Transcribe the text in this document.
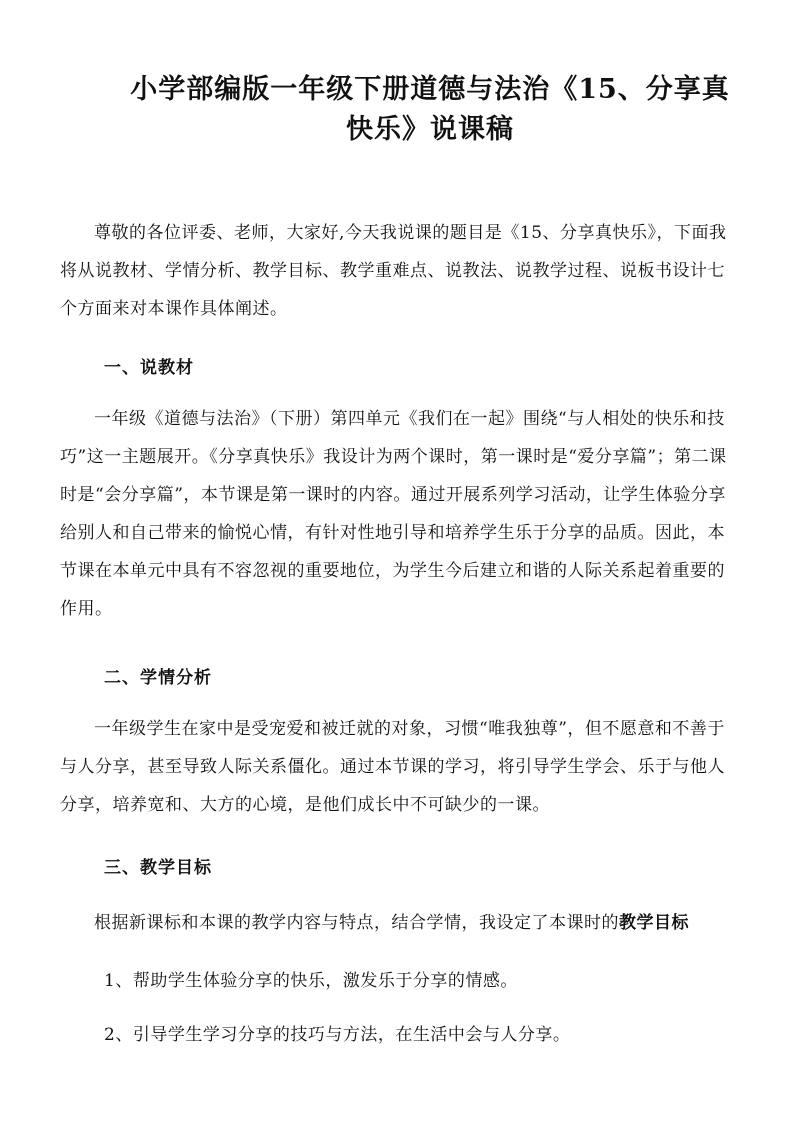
小学部编版一年级下册道德与法治《15、分享真
快乐》说课稿

尊敬的各位评委、老师，大家好,今天我说课的题目是《15、分享真快乐》，下面我将从说教材、学情分析、教学目标、教学重难点、说教法、说教学过程、说板书设计七个方面来对本课作具体阐述。

一、说教材

一年级《道德与法治》（下册）第四单元《我们在一起》围绕“与人相处的快乐和技巧”这一主题展开。《分享真快乐》我设计为两个课时，第一课时是“爱分享篇”；第二课时是“会分享篇”，本节课是第一课时的内容。通过开展系列学习活动，让学生体验分享给别人和自己带来的愉悦心情，有针对性地引导和培养学生乐于分享的品质。因此，本节课在本单元中具有不容忽视的重要地位，为学生今后建立和谐的人际关系起着重要的作用。

二、学情分析

一年级学生在家中是受宠爱和被迁就的对象，习惯“唯我独尊”，但不愿意和不善于与人分享，甚至导致人际关系僵化。通过本节课的学习，将引导学生学会、乐于与他人分享，培养宽和、大方的心境，是他们成长中不可缺少的一课。

三、教学目标

根据新课标和本课的教学内容与特点，结合学情，我设定了本课时的教学目标

1、帮助学生体验分享的快乐，激发乐于分享的情感。

2、引导学生学习分享的技巧与方法，在生活中会与人分享。
